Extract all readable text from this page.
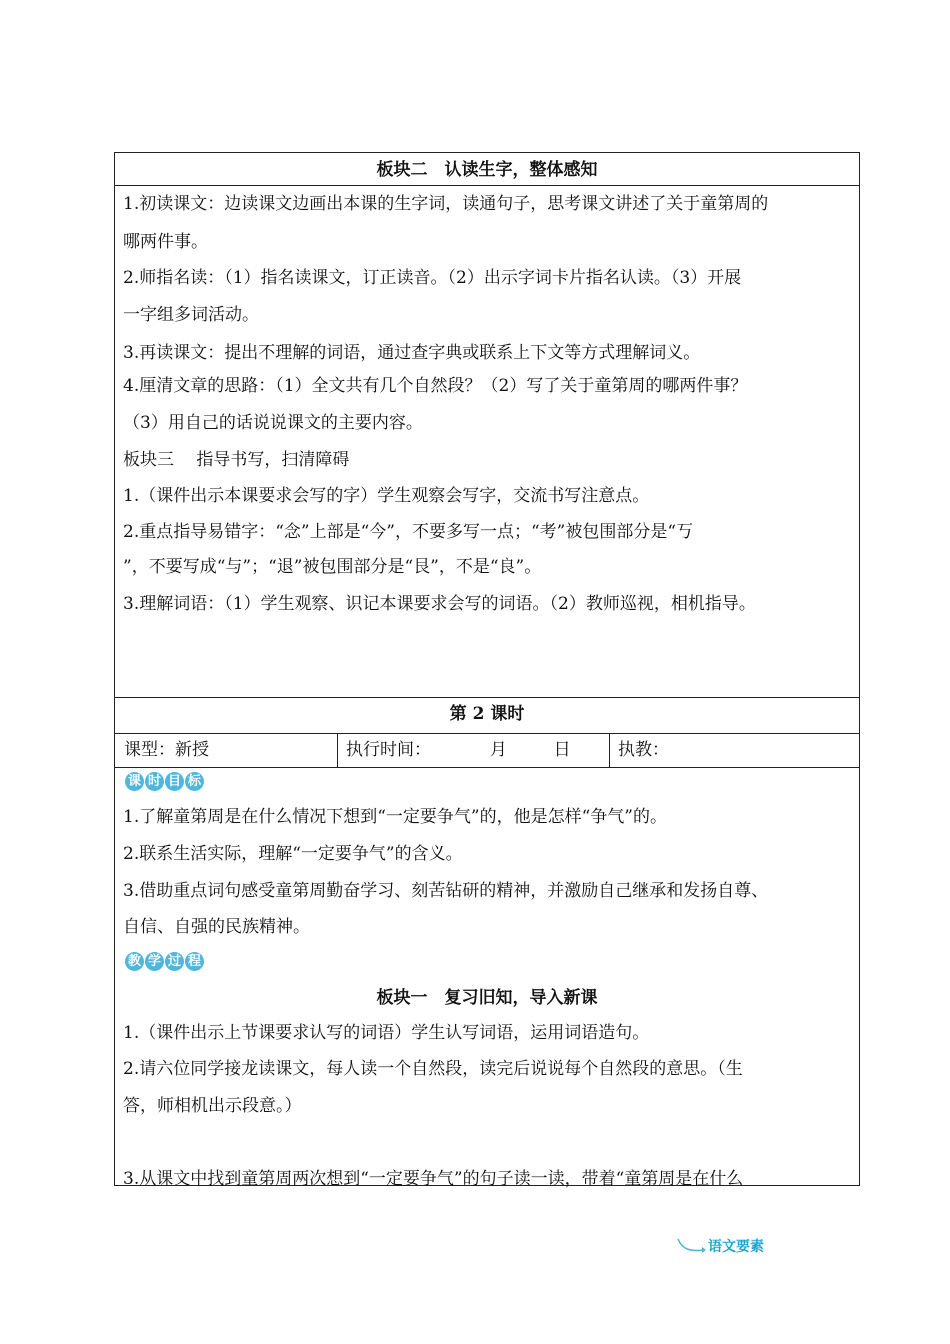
板块二　认读生字，整体感知
1.初读课文：边读课文边画出本课的生字词，读通句子，思考课文讲述了关于童第周的
哪两件事。
2.师指名读：（1）指名读课文，订正读音。（2）出示字词卡片指名认读。（3）开展
一字组多词活动。
3.再读课文：提出不理解的词语，通过查字典或联系上下文等方式理解词义。
4.厘清文章的思路：（1）全文共有几个自然段？（2）写了关于童第周的哪两件事？
（3）用自己的话说说课文的主要内容。
板块三　 指导书写，扫清障碍
1.（课件出示本课要求会写的字）学生观察会写字，交流书写注意点。
2.重点指导易错字：“念”上部是“今”，不要多写一点；“考”被包围部分是“丂
”，不要写成“与”；“退”被包围部分是“艮”，不是“良”。
3.理解词语：（1）学生观察、识记本课要求会写的词语。（2）教师巡视，相机指导。
第 2 课时
课型：新授	执行时间：	月	日	执教：
课 时 目 标
1.了解童第周是在什么情况下想到“一定要争气”的，他是怎样“争气”的。
2.联系生活实际，理解“一定要争气”的含义。
3.借助重点词句感受童第周勤奋学习、刻苦钻研的精神，并激励自己继承和发扬自尊、
自信、自强的民族精神。
教 学 过 程
板块一　复习旧知，导入新课
1.（课件出示上节课要求认写的词语）学生认写词语，运用词语造句。
2.请六位同学接龙读课文，每人读一个自然段，读完后说说每个自然段的意思。（生
答，师相机出示段意。）
3.从课文中找到童第周两次想到“一定要争气”的句子读一读，带着“童第周是在什么
语文要素
